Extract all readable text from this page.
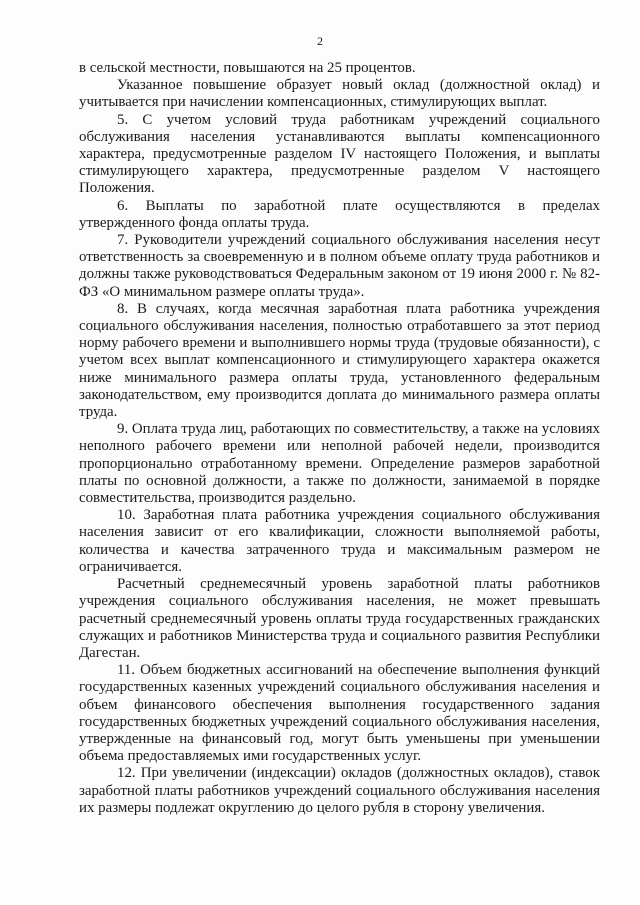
2

в сельской местности, повышаются на 25 процентов.

Указанное повышение образует новый оклад (должностной оклад) и учитывается при начислении компенсационных, стимулирующих выплат.

5. С учетом условий труда работникам учреждений социального обслуживания населения устанавливаются выплаты компенсационного характера, предусмотренные разделом IV настоящего Положения, и выплаты стимулирующего характера, предусмотренные разделом V настоящего Положения.

6. Выплаты по заработной плате осуществляются в пределах утвержденного фонда оплаты труда.

7. Руководители учреждений социального обслуживания населения несут ответственность за своевременную и в полном объеме оплату труда работников и должны также руководствоваться Федеральным законом от 19 июня 2000 г. № 82-ФЗ «О минимальном размере оплаты труда».

8. В случаях, когда месячная заработная плата работника учреждения социального обслуживания населения, полностью отработавшего за этот период норму рабочего времени и выполнившего нормы труда (трудовые обязанности), с учетом всех выплат компенсационного и стимулирующего характера окажется ниже минимального размера оплаты труда, установленного федеральным законодательством, ему производится доплата до минимального размера оплаты труда.

9. Оплата труда лиц, работающих по совместительству, а также на условиях неполного рабочего времени или неполной рабочей недели, производится пропорционально отработанному времени. Определение размеров заработной платы по основной должности, а также по должности, занимаемой в порядке совместительства, производится раздельно.

10. Заработная плата работника учреждения социального обслуживания населения зависит от его квалификации, сложности выполняемой работы, количества и качества затраченного труда и максимальным размером не ограничивается.

Расчетный среднемесячный уровень заработной платы работников учреждения социального обслуживания населения, не может превышать расчетный среднемесячный уровень оплаты труда государственных гражданских служащих и работников Министерства труда и социального развития Республики Дагестан.

11. Объем бюджетных ассигнований на обеспечение выполнения функций государственных казенных учреждений социального обслуживания населения и объем финансового обеспечения выполнения государственного задания государственных бюджетных учреждений социального обслуживания населения, утвержденные на финансовый год, могут быть уменьшены при уменьшении объема предоставляемых ими государственных услуг.

12. При увеличении (индексации) окладов (должностных окладов), ставок заработной платы работников учреждений социального обслуживания населения их размеры подлежат округлению до целого рубля в сторону увеличения.
